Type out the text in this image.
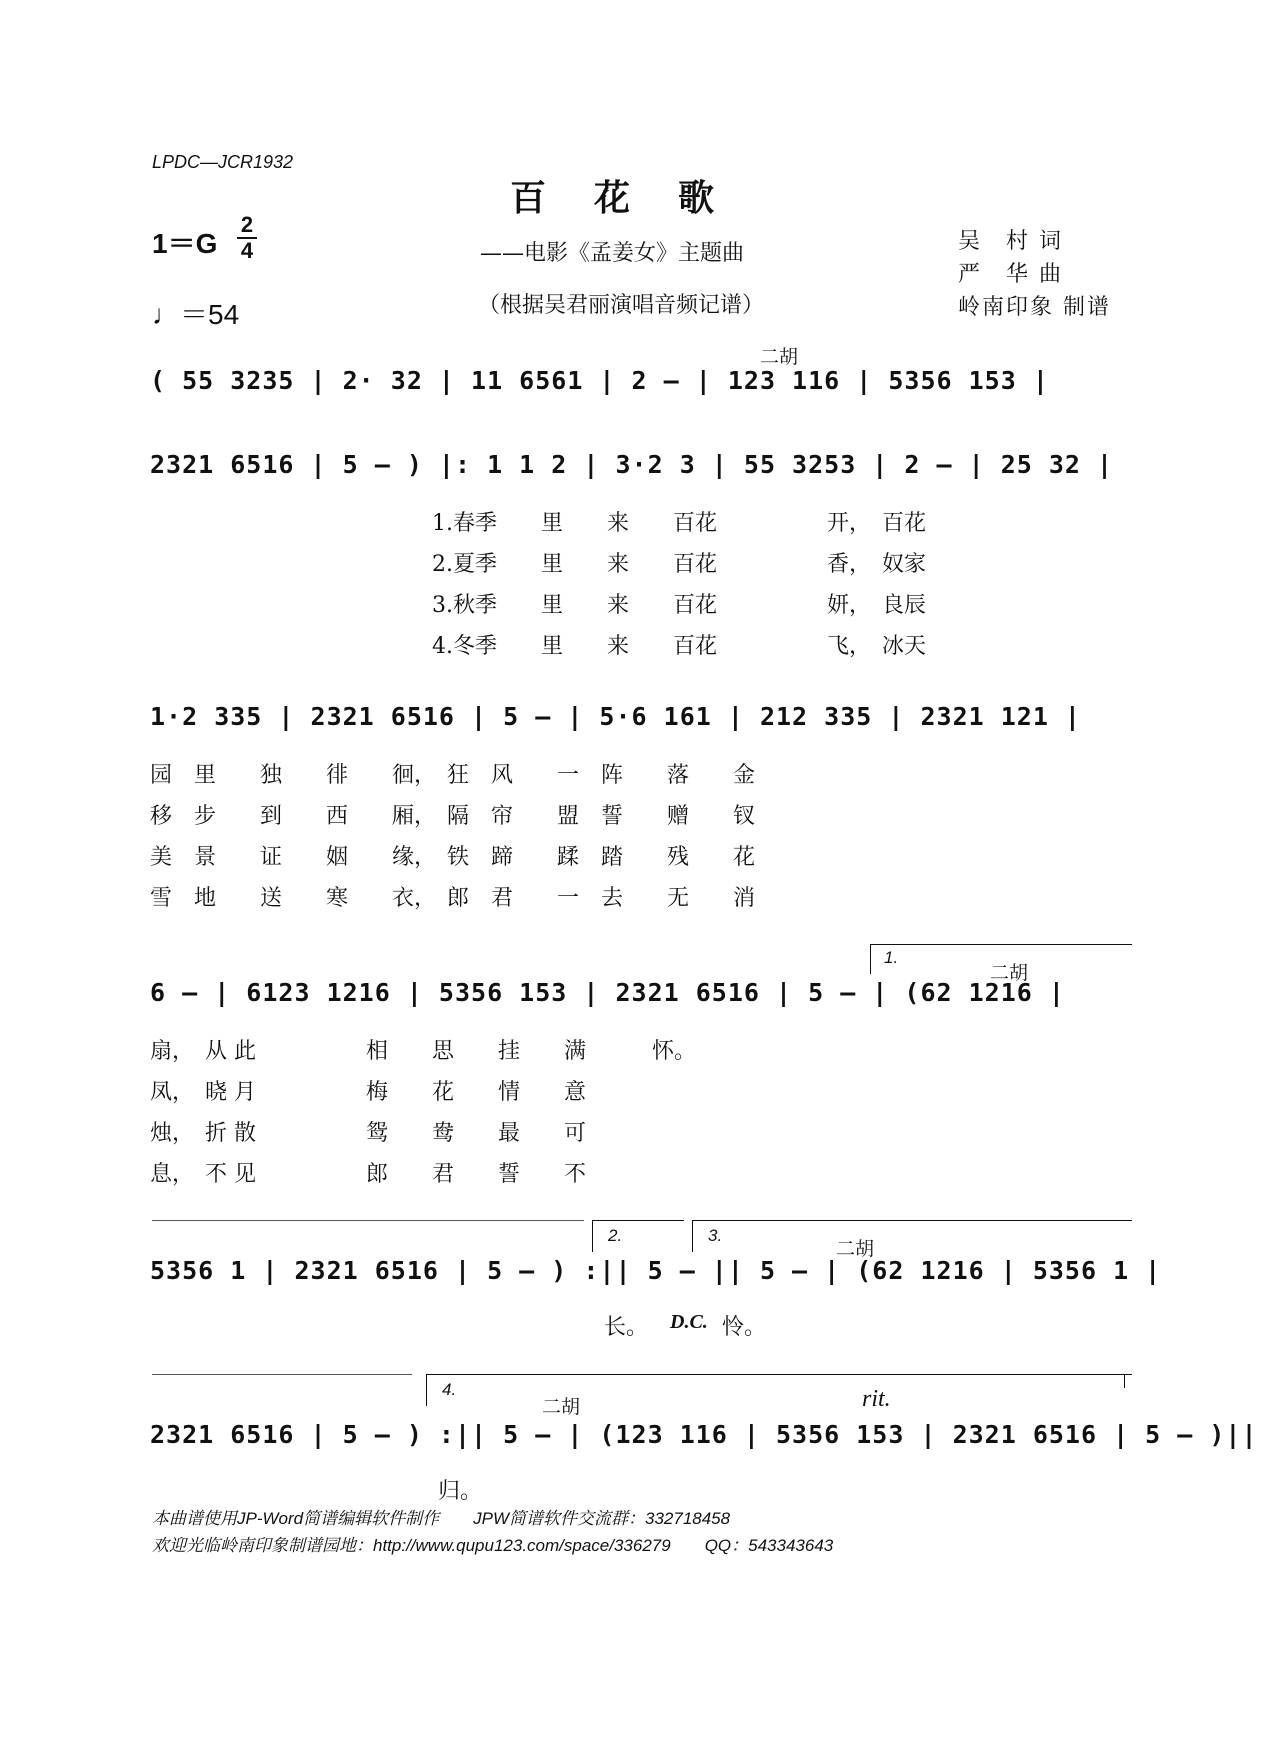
LPDC—JCR1932
百花歌
1＝G
2
4
♩＝54
——电影《孟姜女》主题曲
（根据吴君丽演唱音频记谱）
吴　村 词
严　华 曲
岭南印象 制谱
二胡
( 55 3235 | 2· 32 | 11 6561 | 2 – | 123 116 | 5356 153 |
2321 6516 | 5 – ) |: 1 1 2 | 3·2 3 | 55 3253 | 2 – | 25 32 |
1.春季　　里　　来　　百花　　　　　开，　百花
2.夏季　　里　　来　　百花　　　　　香，　奴家
3.秋季　　里　　来　　百花　　　　　妍，　良辰
4.冬季　　里　　来　　百花　　　　　飞，　冰天
1·2 335 | 2321 6516 | 5 – | 5·6 161 | 212 335 | 2321 121 |
园　里　　独　　徘　　徊，　狂　风　　一　阵　　落　　金
移　步　　到　　西　　厢，　隔　帘　　盟　誓　　赠　　钗
美　景　　证　　姻　　缘，　铁　蹄　　蹂　踏　　残　　花
雪　地　　送　　寒　　衣，　郎　君　　一　去　　无　　消
1.
二胡
6 – | 6123 1216 | 5356 153 | 2321 6516 | 5 – | (62 1216 |
扇，　从 此　　　　　相　　思　　挂　　满　　　怀。
凤，　晓 月　　　　　梅　　花　　情　　意
烛，　折 散　　　　　鸳　　鸯　　最　　可
息，　不 见　　　　　郎　　君　　誓　　不
2.	3.
二胡
5356 1 | 2321 6516 | 5 – ) :|| 5 – || 5 – | (62 1216 | 5356 1 |
长。 D.C. 怜。
4.
二胡	rit.
2321 6516 | 5 – ) :|| 5 – | (123 116 | 5356 153 | 2321 6516 | 5 – )||
归。
本曲谱使用JP-Word简谱编辑软件制作　　JPW简谱软件交流群：332718458
欢迎光临岭南印象制谱园地：http://www.qupu123.com/space/336279　　QQ：543343643
